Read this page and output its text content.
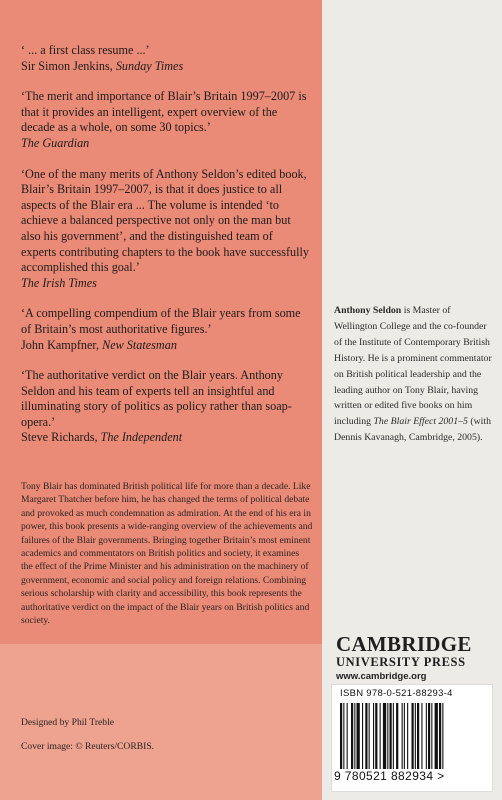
‘ ... a first class resume ...’
Sir Simon Jenkins, Sunday Times
‘The merit and importance of Blair’s Britain 1997–2007 is that it provides an intelligent, expert overview of the decade as a whole, on some 30 topics.’
The Guardian
‘One of the many merits of Anthony Seldon’s edited book, Blair’s Britain 1997–2007, is that it does justice to all aspects of the Blair era ... The volume is intended ‘to achieve a balanced perspective not only on the man but also his government’, and the distinguished team of experts contributing chapters to the book have successfully accomplished this goal.’
The Irish Times
‘A compelling compendium of the Blair years from some of Britain’s most authoritative figures.’
John Kampfner, New Statesman
‘The authoritative verdict on the Blair years. Anthony Seldon and his team of experts tell an insightful and illuminating story of politics as policy rather than soap-opera.’
Steve Richards, The Independent
Tony Blair has dominated British political life for more than a decade. Like Margaret Thatcher before him, he has changed the terms of political debate and provoked as much condemnation as admiration. At the end of his era in power, this book presents a wide-ranging overview of the achievements and failures of the Blair governments. Bringing together Britain’s most eminent academics and commentators on British politics and society, it examines the effect of the Prime Minister and his administration on the machinery of government, economic and social policy and foreign relations. Combining serious scholarship with clarity and accessibility, this book represents the authoritative verdict on the impact of the Blair years on British politics and society.
Designed by Phil Treble
Cover image: © Reuters/CORBIS.
Anthony Seldon is Master of Wellington College and the co-founder of the Institute of Contemporary British History. He is a prominent commentator on British political leadership and the leading author on Tony Blair, having written or edited five books on him including The Blair Effect 2001–5 (with Dennis Kavanagh, Cambridge, 2005).
CAMBRIDGE
UNIVERSITY PRESS
www.cambridge.org
ISBN 978-0-521-88293-4
9 780521 882934 >
